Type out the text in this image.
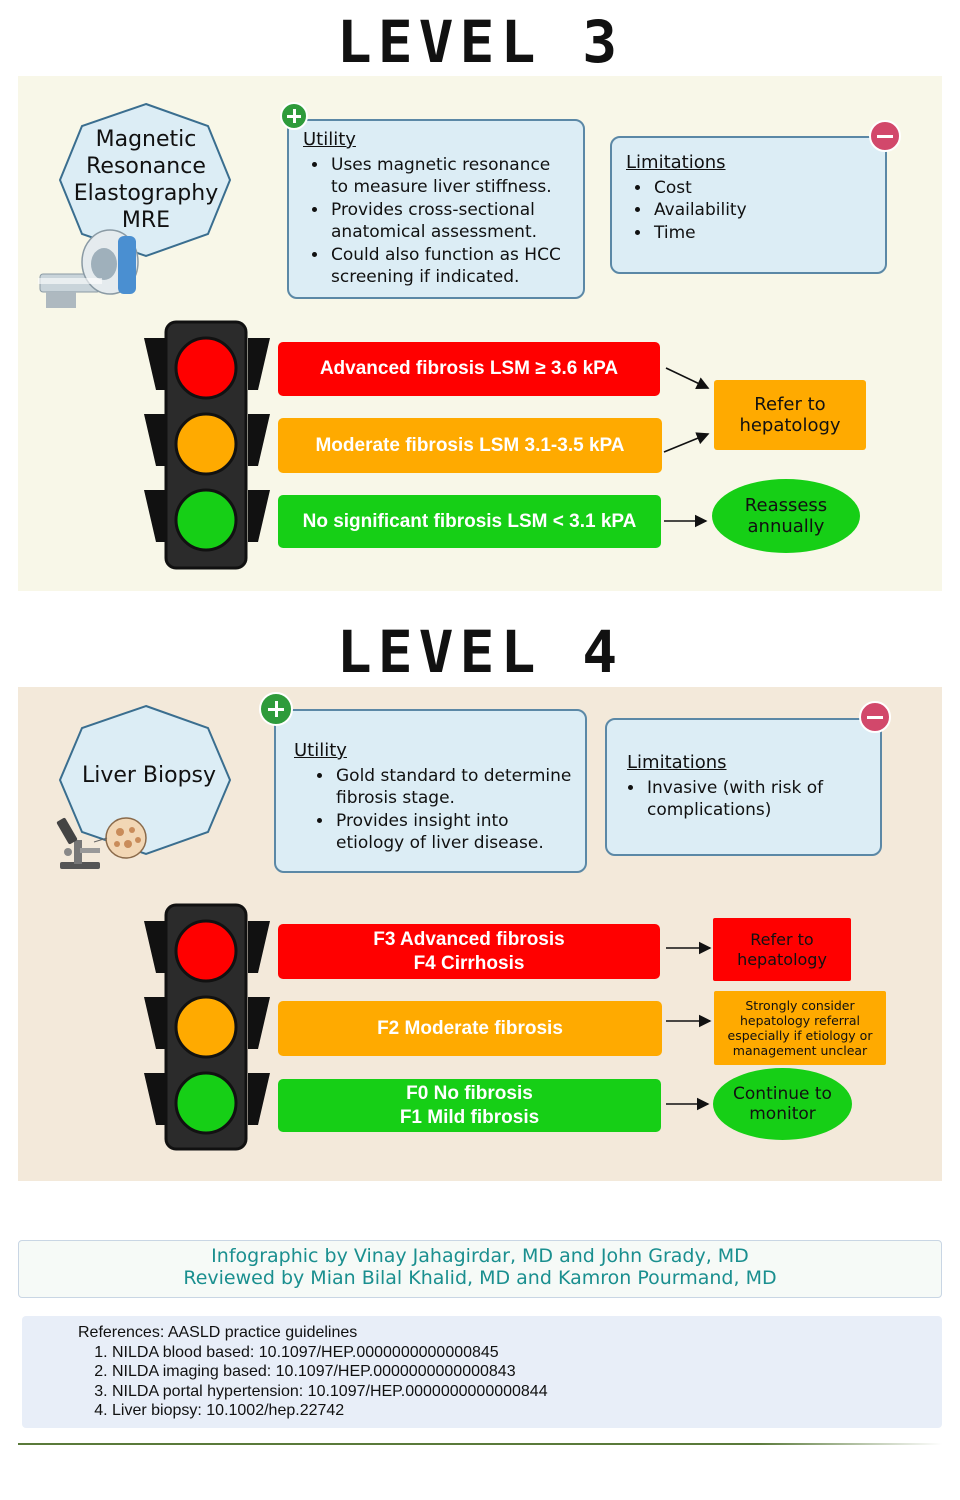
LEVEL 3
Magnetic
Resonance
Elastography
MRE
Utility
• Uses magnetic resonance to measure liver stiffness.
• Provides cross-sectional anatomical assessment.
• Could also function as HCC screening if indicated.
Limitations
• Cost
• Availability
• Time
Advanced fibrosis LSM ≥ 3.6 kPA
Moderate fibrosis LSM 3.1-3.5 kPA
No significant fibrosis LSM < 3.1 kPA
Refer to
hepatology
Reassess
annually
LEVEL 4
Liver Biopsy
Utility
• Gold standard to determine fibrosis stage.
• Provides insight into etiology of liver disease.
Limitations
• Invasive (with risk of complications)
F3 Advanced fibrosis
F4 Cirrhosis
F2 Moderate fibrosis
F0 No fibrosis
F1 Mild fibrosis
Refer to
hepatology
Strongly consider
hepatology referral
especially if etiology or
management unclear
Continue to
monitor
Infographic by Vinay Jahagirdar, MD and John Grady, MD
Reviewed by Mian Bilal Khalid, MD and Kamron Pourmand, MD
References: AASLD practice guidelines
1. NILDA blood based: 10.1097/HEP.0000000000000845
2. NILDA imaging based: 10.1097/HEP.0000000000000843
3. NILDA portal hypertension: 10.1097/HEP.0000000000000844
4. Liver biopsy: 10.1002/hep.22742
